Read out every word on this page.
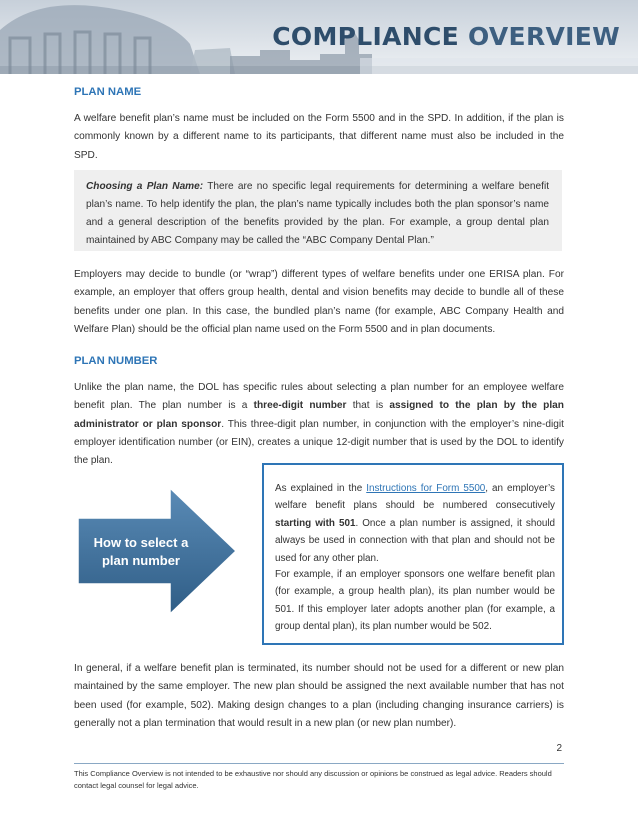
COMPLIANCE OVERVIEW
PLAN NAME

A welfare benefit plan’s name must be included on the Form 5500 and in the SPD. In addition, if the plan is commonly known by a different name to its participants, that different name must also be included in the SPD.

Choosing a Plan Name: There are no specific legal requirements for determining a welfare benefit plan’s name. To help identify the plan, the plan’s name typically includes both the plan sponsor’s name and a general description of the benefits provided by the plan. For example, a group dental plan maintained by ABC Company may be called the “ABC Company Dental Plan.”

Employers may decide to bundle (or “wrap”) different types of welfare benefits under one ERISA plan. For example, an employer that offers group health, dental and vision benefits may decide to bundle all of these benefits under one plan. In this case, the bundled plan’s name (for example, ABC Company Health and Welfare Plan) should be the official plan name used on the Form 5500 and in plan documents.

PLAN NUMBER

Unlike the plan name, the DOL has specific rules about selecting a plan number for an employee welfare benefit plan. The plan number is a three-digit number that is assigned to the plan by the plan administrator or plan sponsor. This three-digit plan number, in conjunction with the employer’s nine-digit employer identification number (or EIN), creates a unique 12-digit number that is used by the DOL to identify the plan.

How to select a plan number

As explained in the Instructions for Form 5500, an employer’s welfare benefit plans should be numbered consecutively starting with 501. Once a plan number is assigned, it should always be used in connection with that plan and should not be used for any other plan.

For example, if an employer sponsors one welfare benefit plan (for example, a group health plan), its plan number would be 501. If this employer later adopts another plan (for example, a group dental plan), its plan number would be 502.

In general, if a welfare benefit plan is terminated, its number should not be used for a different or new plan maintained by the same employer. The new plan should be assigned the next available number that has not been used (for example, 502). Making design changes to a plan (including changing insurance carriers) is generally not a plan termination that would result in a new plan (or new plan number).

2
This Compliance Overview is not intended to be exhaustive nor should any discussion or opinions be construed as legal advice. Readers should contact legal counsel for legal advice.
